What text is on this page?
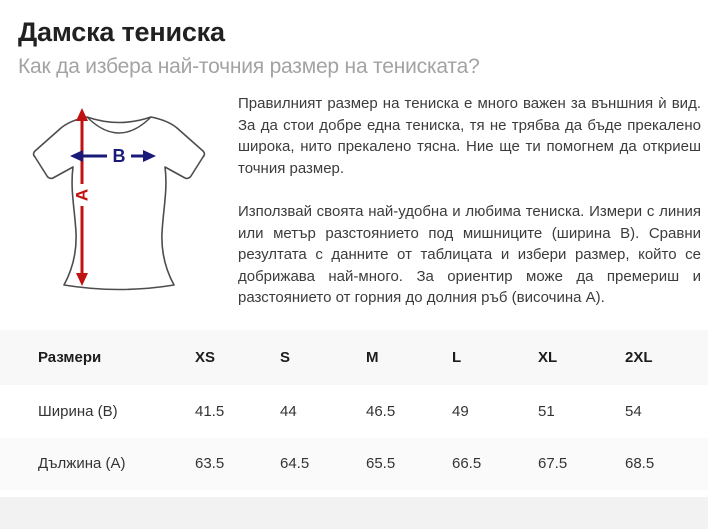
Дамска тениска
Как да избера най-точния размер на тениската?
A
B

Правилният размер на тениска е много важен за външния ѝ вид. За да стои добре една тениска, тя не трябва да бъде прекалено широка, нито прекалено тясна. Ние ще ти помогнем да откриеш точния размер.

Използвай своята най-удобна и любима тениска. Измери с линия или метър разстоянието под мишниците (ширина B). Сравни резултата с данните от таблицата и избери размер, който се добрижава най-много. За ориентир може да премериш и разстоянието от горния до долния ръб (височина A).

Размери	XS	S	M	L	XL	2XL
Ширина (B)	41.5	44	46.5	49	51	54
Дължина (A)	63.5	64.5	65.5	66.5	67.5	68.5
